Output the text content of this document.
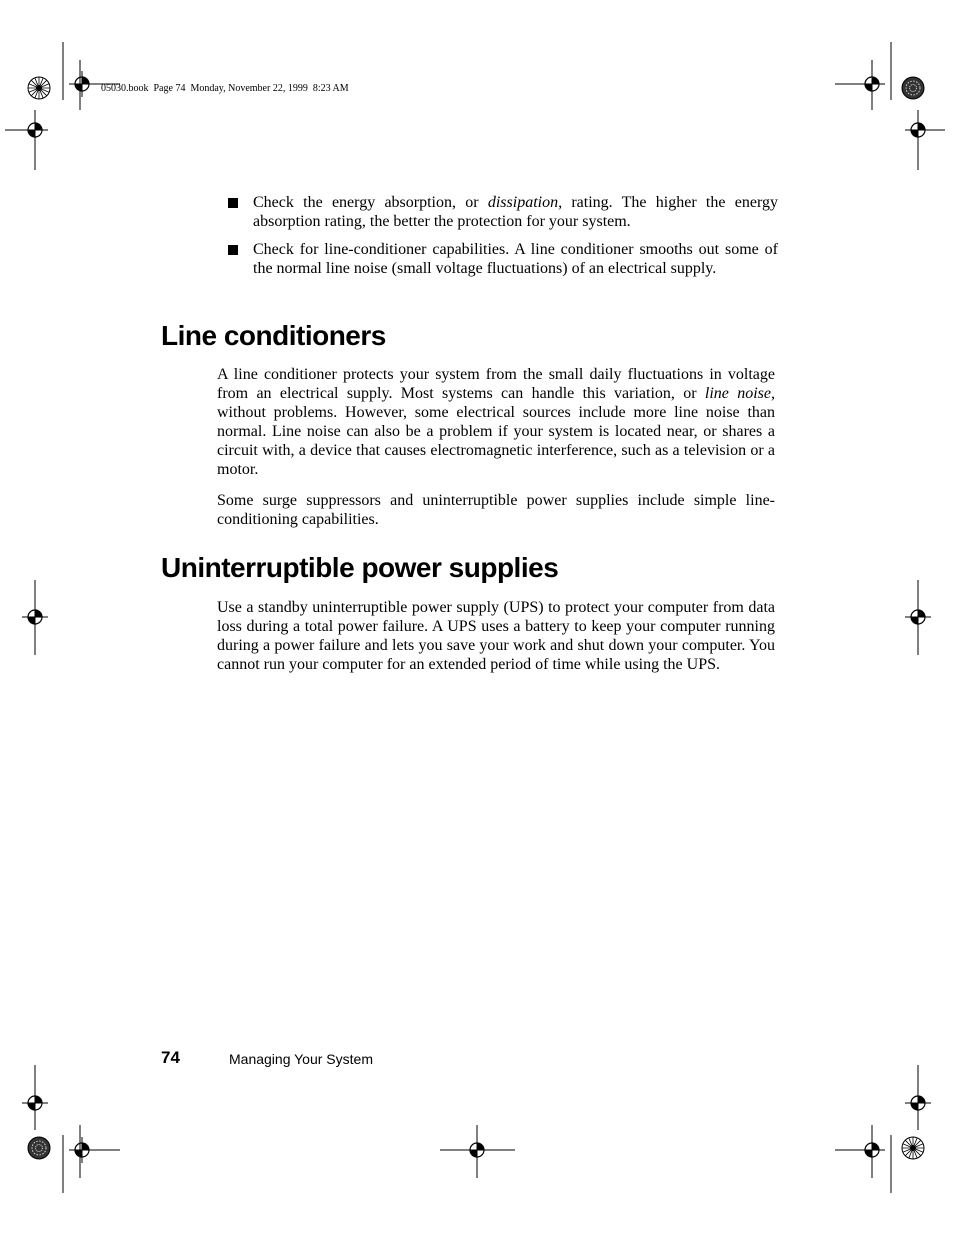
05030.book  Page 74  Monday, November 22, 1999  8:23 AM
Check the energy absorption, or dissipation, rating. The higher the energy absorption rating, the better the protection for your system.
Check for line-conditioner capabilities. A line conditioner smooths out some of the normal line noise (small voltage fluctuations) of an electrical supply.
Line conditioners

A line conditioner protects your system from the small daily fluctuations in voltage from an electrical supply. Most systems can handle this variation, or line noise, without problems. However, some electrical sources include more line noise than normal. Line noise can also be a problem if your system is located near, or shares a circuit with, a device that causes electromagnetic interference, such as a television or a motor.

Some surge suppressors and uninterruptible power supplies include simple line-conditioning capabilities.

Uninterruptible power supplies

Use a standby uninterruptible power supply (UPS) to protect your computer from data loss during a total power failure. A UPS uses a battery to keep your computer running during a power failure and lets you save your work and shut down your computer. You cannot run your computer for an extended period of time while using the UPS.

74	Managing Your System
